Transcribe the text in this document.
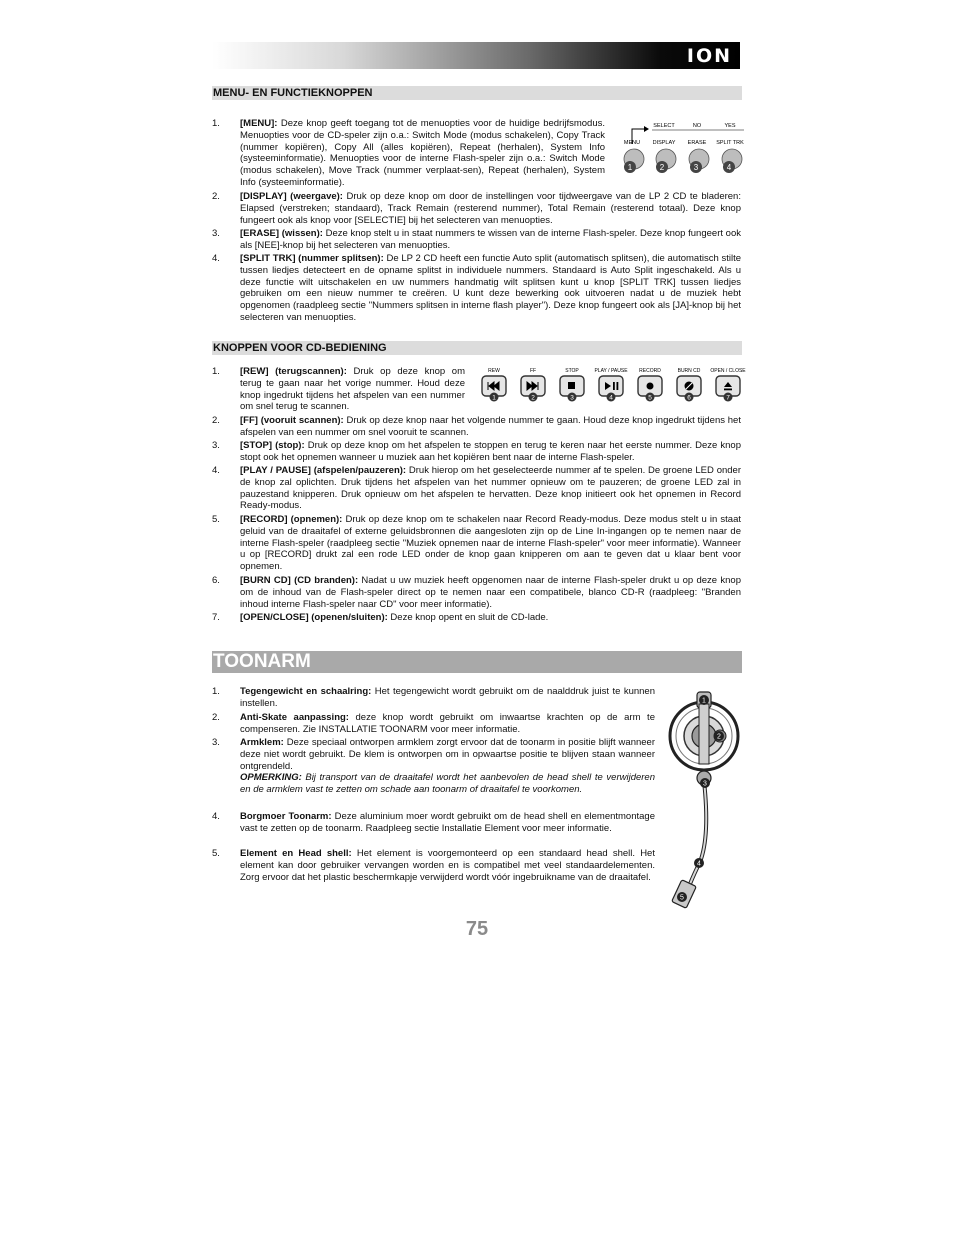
ION
MENU- EN FUNCTIEKNOPPEN
1. [MENU]: Deze knop geeft toegang tot de menuopties voor de huidige bedrijfsmodus. Menuopties voor de CD-speler zijn o.a.: Switch Mode (modus schakelen), Copy Track (nummer kopiëren), Copy All (alles kopiëren), Repeat (herhalen), System Info (systeeminformatie). Menuopties voor de interne Flash-speler zijn o.a.: Switch Mode (modus schakelen), Move Track (nummer verplaat-sen), Repeat (herhalen), System Info (systeeminformatie).
2. [DISPLAY] (weergave): Druk op deze knop om door de instellingen voor tijdweergave van de LP 2 CD te bladeren: Elapsed (verstreken; standaard), Track Remain (resterend nummer), Total Remain (resterend totaal). Deze knop fungeert ook als knop voor [SELECTIE] bij het selecteren van menuopties.
3. [ERASE] (wissen): Deze knop stelt u in staat nummers te wissen van de interne Flash-speler. Deze knop fungeert ook als [NEE]-knop bij het selecteren van menuopties.
4. [SPLIT TRK] (nummer splitsen): De LP 2 CD heeft een functie Auto split (automatisch splitsen), die automatisch stilte tussen liedjes detecteert en de opname splitst in individuele nummers. Standaard is Auto Split ingeschakeld. Als u deze functie wilt uitschakelen en uw nummers handmatig wilt splitsen kunt u knop [SPLIT TRK] tussen liedjes gebruiken om een nieuw nummer te creëren. U kunt deze bewerking ook uitvoeren nadat u de muziek hebt opgenomen (raadpleeg sectie "Nummers splitsen in interne flash player"). Deze knop fungeert ook als [JA]-knop bij het selecteren van menuopties.
SELECT	NO	YES
MENU DISPLAY ERASE SPLIT TRK
1	2	3	4
KNOPPEN VOOR CD-BEDIENING
1. [REW] (terugscannen): Druk op deze knop om terug te gaan naar het vorige nummer. Houd deze knop ingedrukt tijdens het afspelen van een nummer om snel terug te scannen.
2. [FF] (vooruit scannen): Druk op deze knop naar het volgende nummer te gaan. Houd deze knop ingedrukt tijdens het afspelen van een nummer om snel vooruit te scannen.
3. [STOP] (stop): Druk op deze knop om het afspelen te stoppen en terug te keren naar het eerste nummer. Deze knop stopt ook het opnemen wanneer u muziek aan het kopiëren bent naar de interne Flash-speler.
4. [PLAY / PAUSE] (afspelen/pauzeren): Druk hierop om het geselecteerde nummer af te spelen. De groene LED onder de knop zal oplichten. Druk tijdens het afspelen van het nummer opnieuw om te pauzeren; de groene LED zal in pauzestand knipperen. Druk opnieuw om het afspelen te hervatten. Deze knop initieert ook het opnemen in Record Ready-modus.
5. [RECORD] (opnemen): Druk op deze knop om te schakelen naar Record Ready-modus. Deze modus stelt u in staat geluid van de draaitafel of externe geluidsbronnen die aangesloten zijn op de Line In-ingangen op te nemen naar de interne Flash-speler (raadpleeg sectie "Muziek opnemen naar de interne Flash-speler" voor meer informatie). Wanneer u op [RECORD] drukt zal een rode LED onder de knop gaan knipperen om aan te geven dat u klaar bent voor opnemen.
6. [BURN CD] (CD branden): Nadat u uw muziek heeft opgenomen naar de interne Flash-speler drukt u op deze knop om de inhoud van de Flash-speler direct op te nemen naar een compatibele, blanco CD-R (raadpleeg: "Branden inhoud interne Flash-speler naar CD" voor meer informatie).
7. [OPEN/CLOSE] (openen/sluiten): Deze knop opent en sluit de CD-lade.
REW
1
FF
2
STOP
3
PLAY / PAUSE
4
RECORD
5
BURN CD
6
OPEN / CLOSE
7
TOONARM
1. Tegengewicht en schaalring: Het tegengewicht wordt gebruikt om de naalddruk juist te kunnen instellen.
2. Anti-Skate aanpassing: deze knop wordt gebruikt om inwaartse krachten op de arm te compenseren. Zie INSTALLATIE TOONARM voor meer informatie.
3. Armklem: Deze speciaal ontworpen armklem zorgt ervoor dat de toonarm in positie blijft wanneer deze niet wordt gebruikt. De klem is ontworpen om in opwaartse positie te blijven staan wanneer ontgrendeld.
OPMERKING: Bij transport van de draaitafel wordt het aanbevolen de head shell te verwijderen en de armklem vast te zetten om schade aan toonarm of draaitafel te voorkomen.
4. Borgmoer Toonarm: Deze aluminium moer wordt gebruikt om de head shell en elementmontage vast te zetten op de toonarm. Raadpleeg sectie Installatie Element voor meer informatie.
5. Element en Head shell: Het element is voorgemonteerd op een standaard head shell. Het element kan door gebruiker vervangen worden en is compatibel met veel standaardelementen. Zorg ervoor dat het plastic beschermkapje verwijderd wordt vóór ingebruikname van de draaitafel.
1
2
3
4
5
75
